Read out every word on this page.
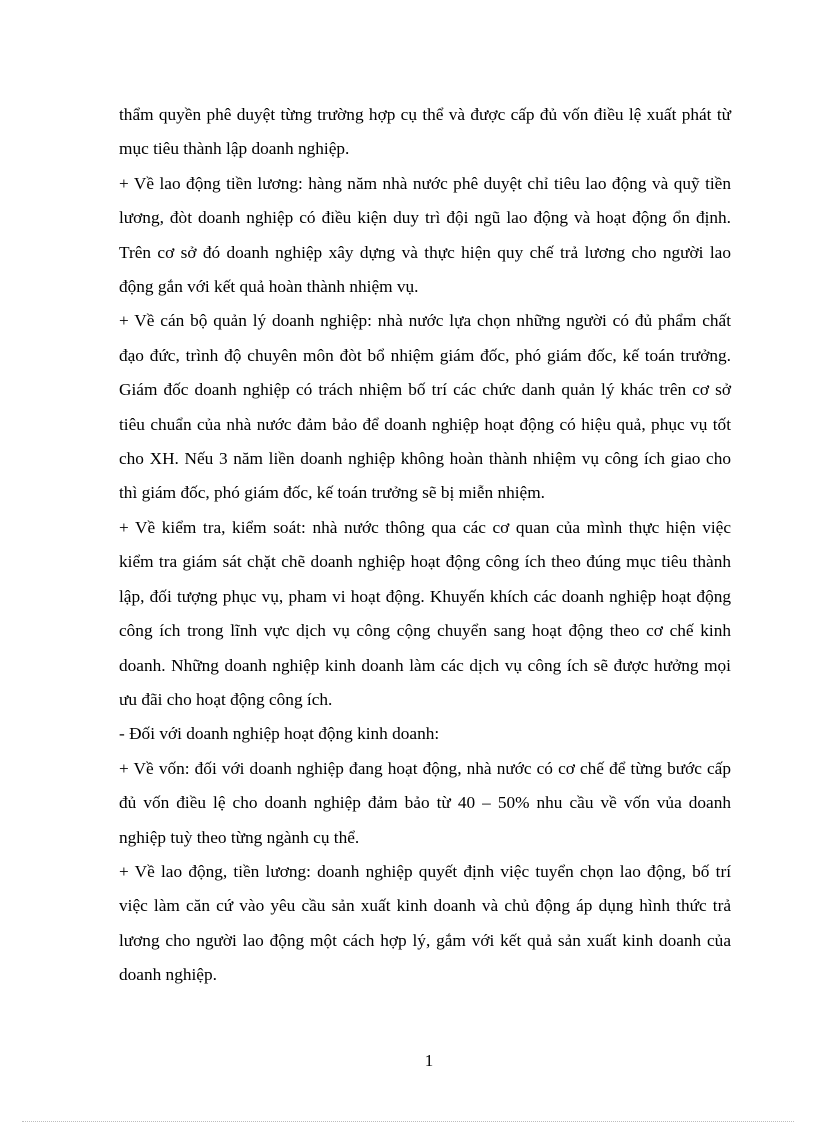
thẩm quyền phê duyệt từng trường hợp cụ thể và được cấp đủ vốn điều lệ xuất phát từ mục tiêu thành lập doanh nghiệp.

+ Về lao động tiền lương: hàng năm nhà nước phê duyệt chỉ tiêu lao động và quỹ tiền lương, đòt doanh nghiệp có điều kiện duy trì đội ngũ lao động và hoạt động ổn định. Trên cơ sở đó doanh nghiệp xây dựng và thực hiện quy chế trả lương cho người lao động gắn với kết quả hoàn thành nhiệm vụ.

+ Về cán bộ quản lý doanh nghiệp: nhà nước lựa chọn những người có đủ phẩm chất đạo đức, trình độ chuyên môn đòt bổ nhiệm giám đốc, phó giám đốc, kế toán trưởng. Giám đốc doanh nghiệp có trách nhiệm bố trí các chức danh quản lý khác trên cơ sở tiêu chuẩn của nhà nước đảm bảo để doanh nghiệp hoạt động có hiệu quả, phục vụ tốt cho XH. Nếu 3 năm liền doanh nghiệp không hoàn thành nhiệm vụ công ích giao cho thì giám đốc, phó giám đốc, kế toán trưởng sẽ bị miễn nhiệm.

+ Về kiểm tra, kiểm soát: nhà nước thông qua các cơ quan của mình thực hiện việc kiểm tra giám sát chặt chẽ doanh nghiệp hoạt động công ích theo đúng mục tiêu thành lập, đối tượng phục vụ, pham vi hoạt động. Khuyến khích các doanh nghiệp hoạt động công ích trong lĩnh vực dịch vụ công cộng chuyển sang hoạt động theo cơ chế kinh doanh. Những doanh nghiệp kinh doanh làm các dịch vụ công ích sẽ được hưởng mọi ưu đãi cho hoạt động công ích.

- Đối với doanh nghiệp hoạt động kinh doanh:

+ Về vốn: đối với doanh nghiệp đang hoạt động, nhà nước có cơ chế để từng bước cấp đủ vốn điều lệ cho doanh nghiệp đảm bảo từ 40 – 50% nhu cầu về vốn vủa doanh nghiệp tuỳ theo từng ngành cụ thể.

+ Về lao động, tiền lương: doanh nghiệp quyết định việc tuyển chọn lao động, bố trí việc làm căn cứ vào yêu cầu sản xuất kinh doanh và chủ động áp dụng hình thức trả lương cho người lao động một cách hợp lý, gắm với kết quả sản xuất kinh doanh của doanh nghiệp.

1
